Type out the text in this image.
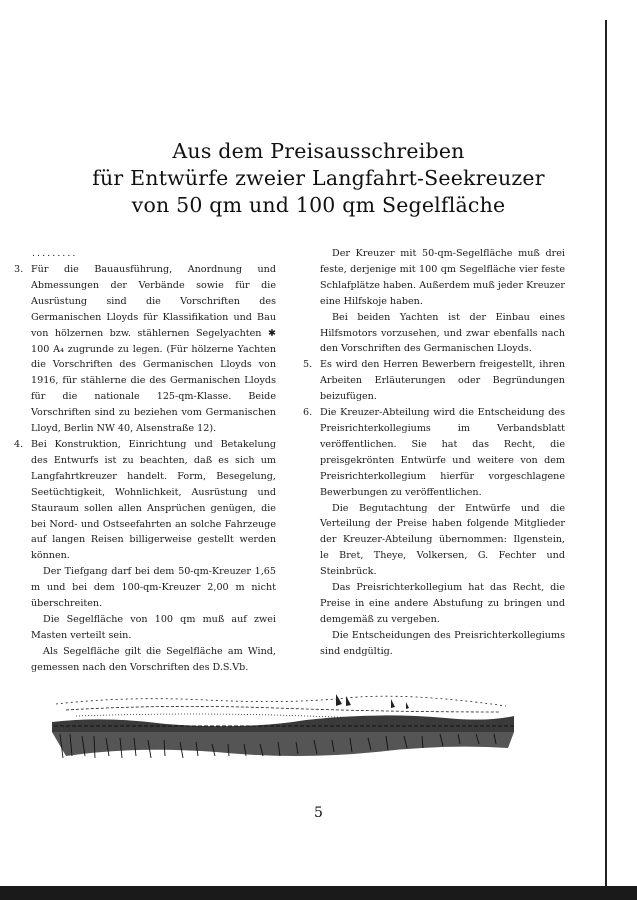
Aus dem Preisausschreiben
für Entwürfe zweier Langfahrt-Seekreuzer
von 50 qm und 100 qm Segelfläche
.........
3. Für die Bauausführung, Anordnung und Abmessungen der Verbände sowie für die Ausrüstung sind die Vorschriften des Germanischen Lloyds für Klassifikation und Bau von hölzernen bzw. stählernen Segelyachten ✱ 100 A₄ zugrunde zu legen. (Für hölzerne Yachten die Vorschriften des Germanischen Lloyds von 1916, für stählerne die des Germanischen Lloyds für die nationale 125-qm-Klasse. Beide Vorschriften sind zu beziehen vom Germanischen Lloyd, Berlin NW 40, Alsenstraße 12).
4. Bei Konstruktion, Einrichtung und Betakelung des Entwurfs ist zu beachten, daß es sich um Langfahrtkreuzer handelt. Form, Besegelung, Seetüchtigkeit, Wohnlichkeit, Ausrüstung und Stauraum sollen allen Ansprüchen genügen, die bei Nord- und Ostseefahrten an solche Fahrzeuge auf langen Reisen billigerweise gestellt werden können.
Der Tiefgang darf bei dem 50-qm-Kreuzer 1,65 m und bei dem 100-qm-Kreuzer 2,00 m nicht überschreiten.
Die Segelfläche von 100 qm muß auf zwei Masten verteilt sein.
Als Segelfläche gilt die Segelfläche am Wind, gemessen nach den Vorschriften des D.S.Vb.
Der Kreuzer mit 50-qm-Segelfläche muß drei feste, derjenige mit 100 qm Segelfläche vier feste Schlafplätze haben. Außerdem muß jeder Kreuzer eine Hilfskoje haben.
Bei beiden Yachten ist der Einbau eines Hilfsmotors vorzusehen, und zwar ebenfalls nach den Vorschriften des Germanischen Lloyds.
5. Es wird den Herren Bewerbern freigestellt, ihren Arbeiten Erläuterungen oder Begründungen beizufügen.
6. Die Kreuzer-Abteilung wird die Entscheidung des Preisrichterkollegiums im Verbandsblatt veröffentlichen. Sie hat das Recht, die preisgekrönten Entwürfe und weitere von dem Preisrichterkollegium hierfür vorgeschlagene Bewerbungen zu veröffentlichen.
Die Begutachtung der Entwürfe und die Verteilung der Preise haben folgende Mitglieder der Kreuzer-Abteilung übernommen: Ilgenstein, le Bret, Theye, Volkersen, G. Fechter und Steinbrück.
Das Preisrichterkollegium hat das Recht, die Preise in eine andere Abstufung zu bringen und demgemäß zu vergeben.
Die Entscheidungen des Preisrichterkollegiums sind endgültig.
5
